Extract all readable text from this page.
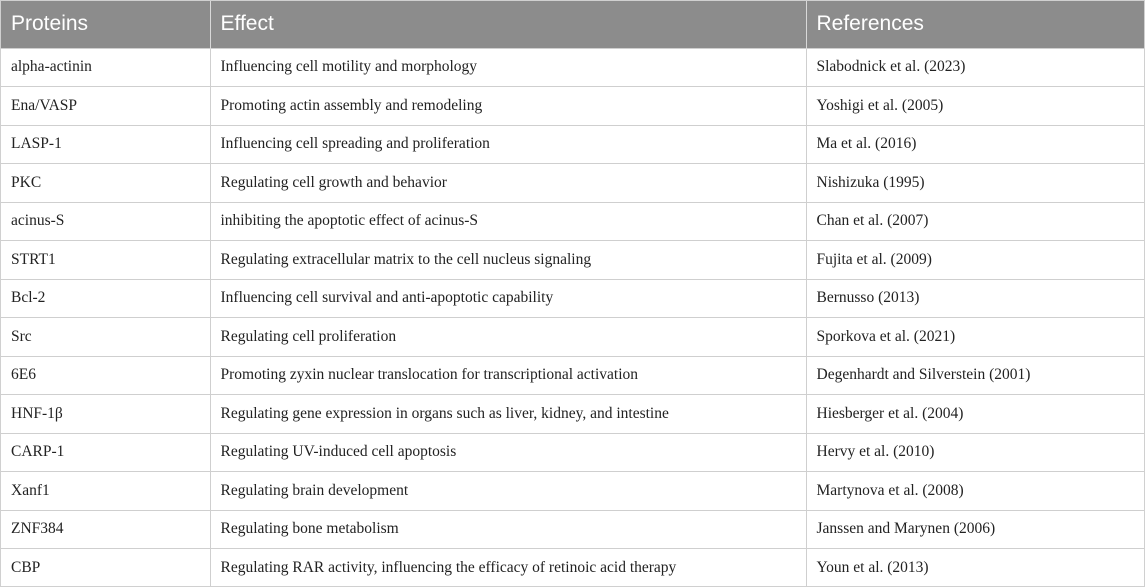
Proteins	Effect	References
alpha-actinin	Influencing cell motility and morphology	Slabodnick et al. (2023)
Ena/VASP	Promoting actin assembly and remodeling	Yoshigi et al. (2005)
LASP-1	Influencing cell spreading and proliferation	Ma et al. (2016)
PKC	Regulating cell growth and behavior	Nishizuka (1995)
acinus-S	inhibiting the apoptotic effect of acinus-S	Chan et al. (2007)
STRT1	Regulating extracellular matrix to the cell nucleus signaling	Fujita et al. (2009)
Bcl-2	Influencing cell survival and anti-apoptotic capability	Bernusso (2013)
Src	Regulating cell proliferation	Sporkova et al. (2021)
6E6	Promoting zyxin nuclear translocation for transcriptional activation	Degenhardt and Silverstein (2001)
HNF-1β	Regulating gene expression in organs such as liver, kidney, and intestine	Hiesberger et al. (2004)
CARP-1	Regulating UV-induced cell apoptosis	Hervy et al. (2010)
Xanf1	Regulating brain development	Martynova et al. (2008)
ZNF384	Regulating bone metabolism	Janssen and Marynen (2006)
CBP	Regulating RAR activity, influencing the efficacy of retinoic acid therapy	Youn et al. (2013)
